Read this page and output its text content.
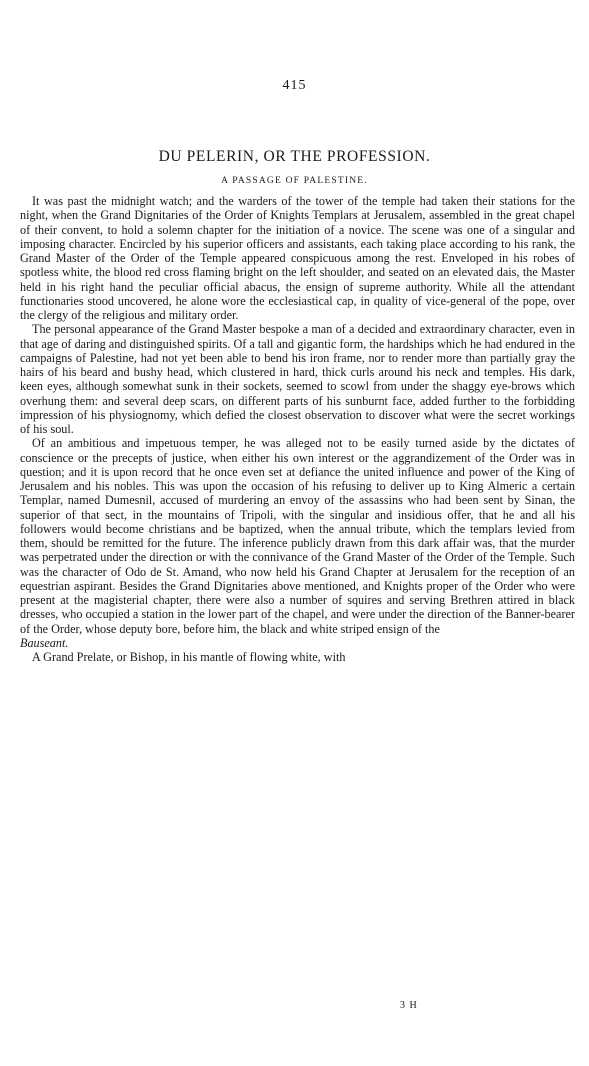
415
DU PELERIN, OR THE PROFESSION.
A PASSAGE OF PALESTINE.

It was past the midnight watch; and the warders of the tower of the temple had taken their stations for the night, when the Grand Dignitaries of the Order of Knights Templars at Jerusalem, assembled in the great chapel of their convent, to hold a solemn chapter for the initiation of a novice. The scene was one of a singular and imposing character. Encircled by his superior officers and assistants, each taking place according to his rank, the Grand Master of the Order of the Temple appeared conspicuous among the rest. Enveloped in his robes of spotless white, the blood red cross flaming bright on the left shoulder, and seated on an elevated dais, the Master held in his right hand the peculiar official abacus, the ensign of supreme authority. While all the attendant functionaries stood uncovered, he alone wore the ecclesiastical cap, in quality of vice-general of the pope, over the clergy of the religious and military order.

The personal appearance of the Grand Master bespoke a man of a decided and extraordinary character, even in that age of daring and distinguished spirits. Of a tall and gigantic form, the hardships which he had endured in the campaigns of Palestine, had not yet been able to bend his iron frame, nor to render more than partially gray the hairs of his beard and bushy head, which clustered in hard, thick curls around his neck and temples. His dark, keen eyes, although somewhat sunk in their sockets, seemed to scowl from under the shaggy eye-brows which overhung them: and several deep scars, on different parts of his sunburnt face, added further to the forbidding impression of his physiognomy, which defied the closest observation to discover what were the secret workings of his soul.

Of an ambitious and impetuous temper, he was alleged not to be easily turned aside by the dictates of conscience or the precepts of justice, when either his own interest or the aggrandizement of the Order was in question; and it is upon record that he once even set at defiance the united influence and power of the King of Jerusalem and his nobles. This was upon the occasion of his refusing to deliver up to King Almeric a certain Templar, named Dumesnil, accused of murdering an envoy of the assassins who had been sent by Sinan, the superior of that sect, in the mountains of Tripoli, with the singular and insidious offer, that he and all his followers would become christians and be baptized, when the annual tribute, which the templars levied from them, should be remitted for the future. The inference publicly drawn from this dark affair was, that the murder was perpetrated under the direction or with the connivance of the Grand Master of the Order of the Temple. Such was the character of Odo de St. Amand, who now held his Grand Chapter at Jerusalem for the reception of an equestrian aspirant. Besides the Grand Dignitaries above mentioned, and Knights proper of the Order who were present at the magisterial chapter, there were also a number of squires and serving Brethren attired in black dresses, who occupied a station in the lower part of the chapel, and were under the direction of the Banner-bearer of the Order, whose deputy bore, before him, the black and white striped ensign of the
Bauseant.

A Grand Prelate, or Bishop, in his mantle of flowing white, with

3 H
